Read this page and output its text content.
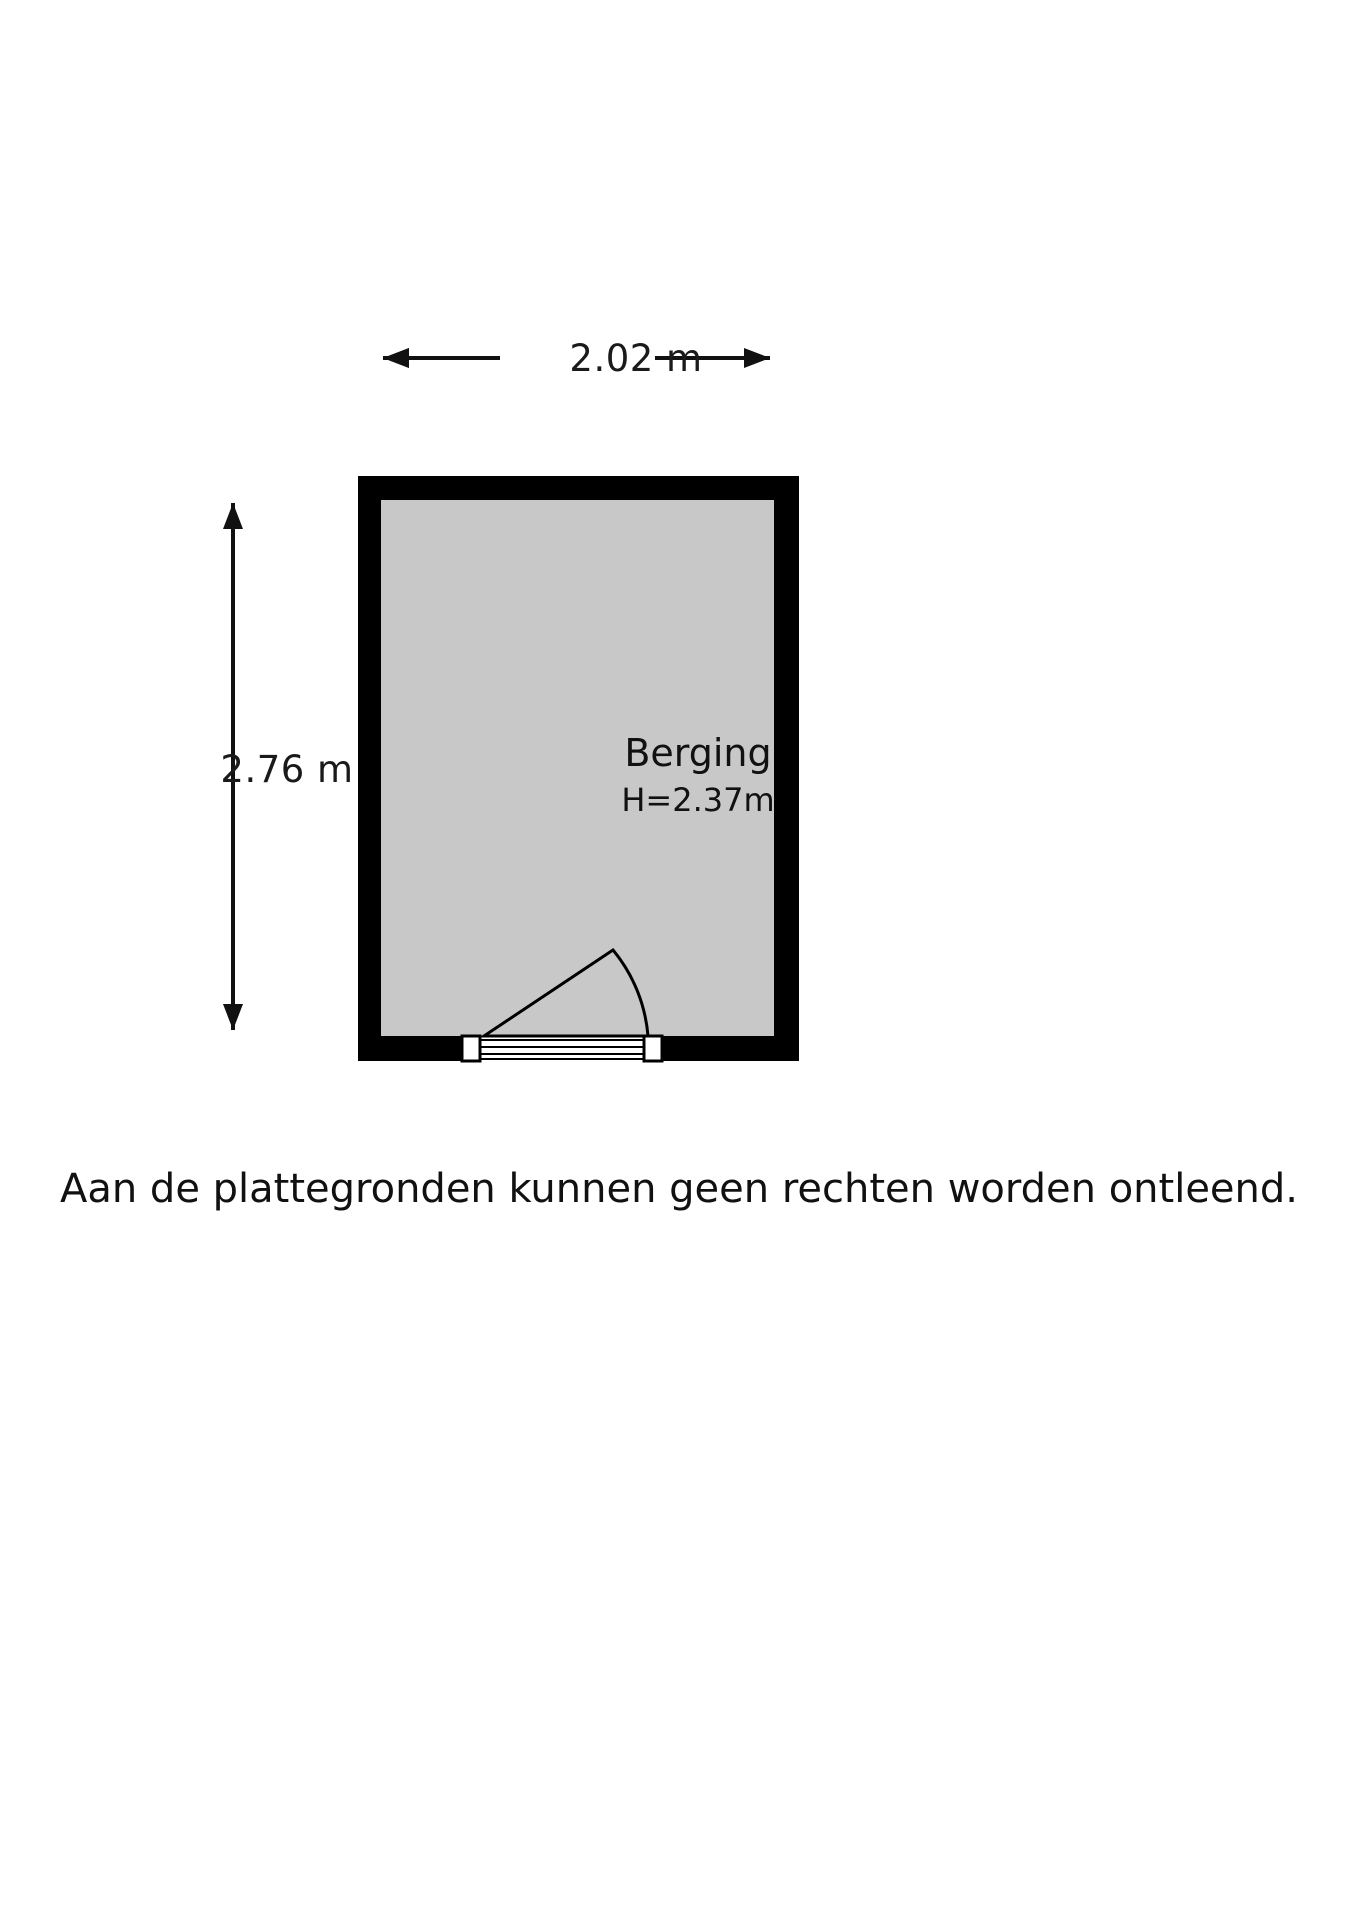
2.02 m
2.76 m	Berging
H=2.37m
Aan de plattegronden kunnen geen rechten worden ontleend.
